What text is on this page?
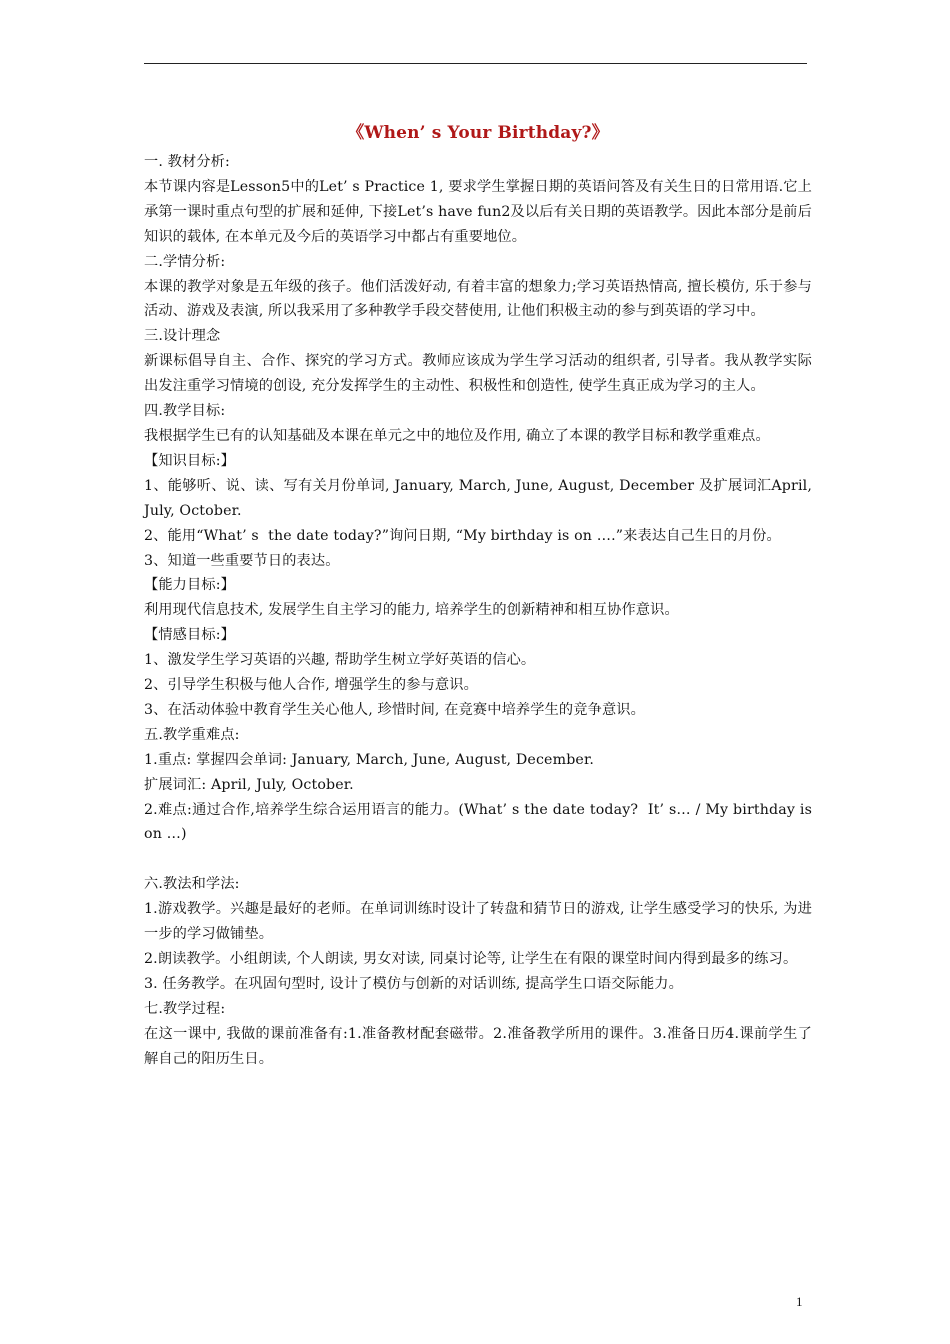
《When’ s Your Birthday?》
一. 教材分析:
本节课内容是Lesson5中的Let’ s Practice 1, 要求学生掌握日期的英语问答及有关生日的日常用语.它上承第一课时重点句型的扩展和延伸, 下接Let’s have fun2及以后有关日期的英语教学。因此本部分是前后知识的载体, 在本单元及今后的英语学习中都占有重要地位。
二.学情分析:
本课的教学对象是五年级的孩子。他们活泼好动, 有着丰富的想象力;学习英语热情高, 擅长模仿, 乐于参与活动、游戏及表演, 所以我采用了多种教学手段交替使用, 让他们积极主动的参与到英语的学习中。
三.设计理念
新课标倡导自主、合作、探究的学习方式。教师应该成为学生学习活动的组织者, 引导者。我从教学实际出发注重学习情境的创设, 充分发挥学生的主动性、积极性和创造性, 使学生真正成为学习的主人。
四.教学目标:
我根据学生已有的认知基础及本课在单元之中的地位及作用, 确立了本课的教学目标和教学重难点。
【知识目标:】
1、能够听、说、读、写有关月份单词, January, March, June, August, December 及扩展词汇April, July, October.
2、能用“What’ s  the date today?”询问日期, “My birthday is on ….”来表达自己生日的月份。
3、知道一些重要节日的表达。
【能力目标:】
利用现代信息技术, 发展学生自主学习的能力, 培养学生的创新精神和相互协作意识。
【情感目标:】
1、激发学生学习英语的兴趣, 帮助学生树立学好英语的信心。
2、引导学生积极与他人合作, 增强学生的参与意识。
3、在活动体验中教育学生关心他人, 珍惜时间, 在竞赛中培养学生的竞争意识。
五.教学重难点:
1.重点: 掌握四会单词: January, March, June, August, December.
扩展词汇: April, July, October.
2.难点:通过合作,培养学生综合运用语言的能力。(What’ s the date today?  It’ s… / My birthday is on …)
六.教法和学法:
1.游戏教学。兴趣是最好的老师。在单词训练时设计了转盘和猜节日的游戏, 让学生感受学习的快乐, 为进一步的学习做铺垫。
2.朗读教学。小组朗读, 个人朗读, 男女对读, 同桌讨论等, 让学生在有限的课堂时间内得到最多的练习。
3. 任务教学。在巩固句型时, 设计了模仿与创新的对话训练, 提高学生口语交际能力。
七.教学过程:
在这一课中, 我做的课前准备有:1.准备教材配套磁带。2.准备教学所用的课件。3.准备日历4.课前学生了解自己的阳历生日。
1
